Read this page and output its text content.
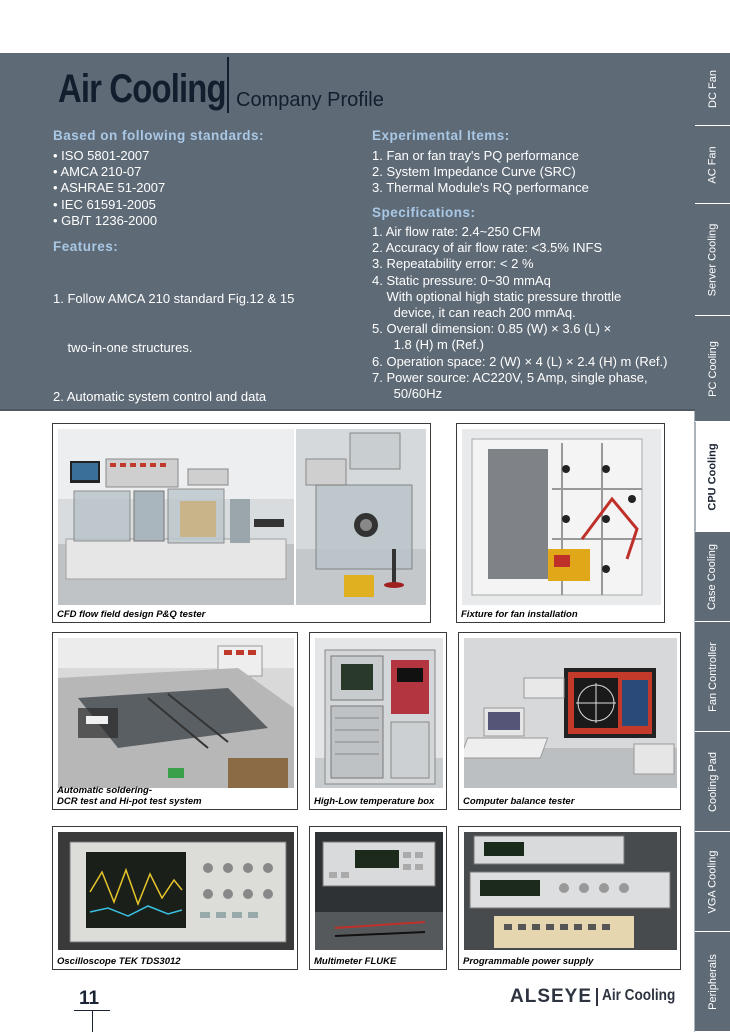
Air Cooling Company Profile
Based on following standards:
• ISO 5801-2007
• AMCA 210-07
• ASHRAE 51-2007
• IEC 61591-2005
• GB/T 1236-2000
Features:

1. Follow AMCA 210 standard Fig.12 & 15

two-in-one structures.

2. Automatic system control and data

Experimental Items:
1. Fan or fan tray's PQ performance
2. System Impedance Curve (SRC)
3. Thermal Module's RQ performance
Specifications:
1. Air flow rate: 2.4~250 CFM
2. Accuracy of air flow rate: <3.5% INFS
3. Repeatability error: < 2 %
4. Static pressure: 0~30 mmAq
With optional high static pressure throttle
device, it can reach 200 mmAq.
5. Overall dimension: 0.85 (W) × 3.6 (L) ×
1.8 (H) m (Ref.)
6. Operation space: 2 (W) × 4 (L) × 2.4 (H) m (Ref.)
7. Power source: AC220V, 5 Amp, single phase,
50/60Hz
DC Fan
AC Fan
Server Cooling
PC Cooling
CPU Cooling
Case Cooling
Fan Controller
Cooling Pad
VGA Cooling
Peripherals
CFD flow field design P&Q tester	Fixture for fan installation
Automatic soldering-
DCR test and Hi-pot test system	High-Low temperature box	Computer balance tester
Oscilloscope TEK TDS3012	Multimeter FLUKE	Programmable power supply
11	ALSEYE Air Cooling
